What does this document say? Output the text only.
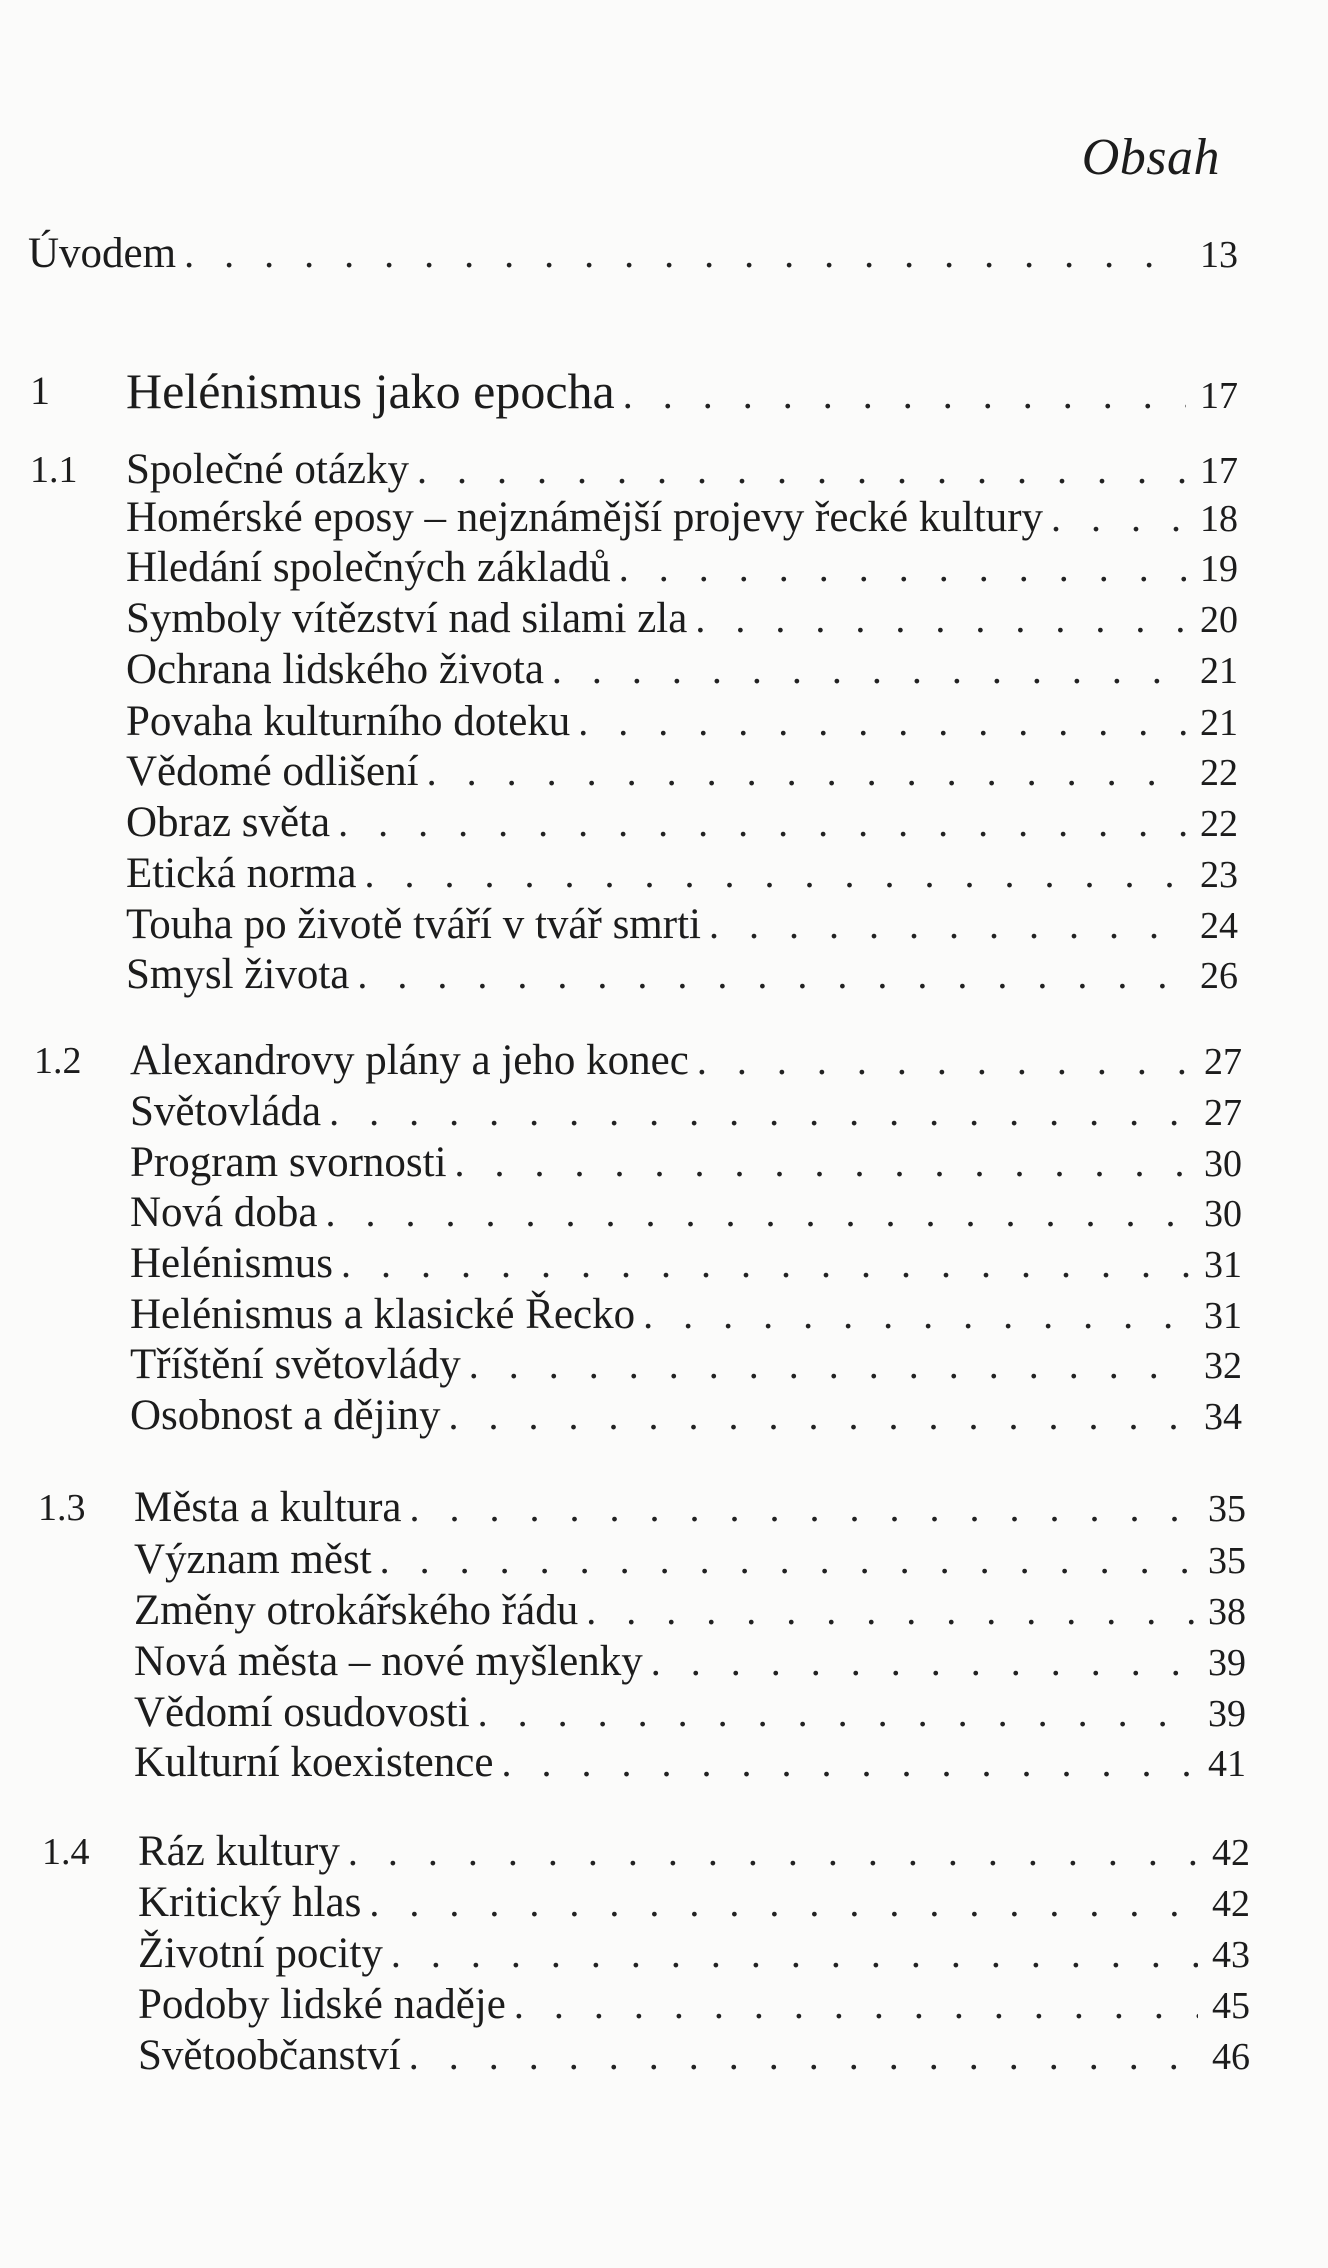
Obsah
Úvodem . . .	13
1 Helénismus jako epocha . . .	17
1.1 Společné otázky . . .	17
Homérské eposy – nejznámější projevy řecké kultury . . .	18
Hledání společných základů . . .	19
Symboly vítězství nad silami zla . . .	20
Ochrana lidského života . . .	21
Povaha kulturního doteku . . .	21
Vědomé odlišení . . .	22
Obraz světa . . .	22
Etická norma . . .	23
Touha po životě tváří v tvář smrti . . .	24
Smysl života . . .	26
1.2 Alexandrovy plány a jeho konec . . .	27
Světovláda . . .	27
Program svornosti . . .	30
Nová doba . . .	30
Helénismus . . .	31
Helénismus a klasické Řecko . . .	31
Tříštění světovlády . . .	32
Osobnost a dějiny . . .	34
1.3 Města a kultura . . .	35
Význam měst . . .	35
Změny otrokářského řádu . . .	38
Nová města – nové myšlenky . . .	39
Vědomí osudovosti . . .	39
Kulturní koexistence . . .	41
1.4 Ráz kultury . . .	42
Kritický hlas . . .	42
Životní pocity . . .	43
Podoby lidské naděje . . .	45
Světoobčanství . . .	46
